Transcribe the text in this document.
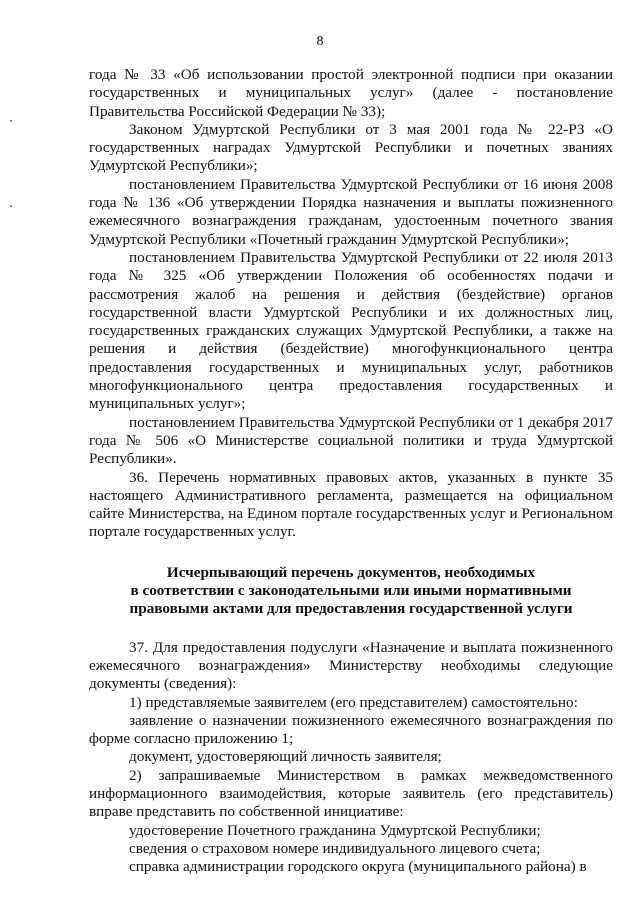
8

года № 33 «Об использовании простой электронной подписи при оказании государственных и муниципальных услуг» (далее - постановление Правительства Российской Федерации № 33);

Законом Удмуртской Республики от 3 мая 2001 года № 22-РЗ «О государственных наградах Удмуртской Республики и почетных званиях Удмуртской Республики»;

постановлением Правительства Удмуртской Республики от 16 июня 2008 года № 136 «Об утверждении Порядка назначения и выплаты пожизненного ежемесячного вознаграждения гражданам, удостоенным почетного звания Удмуртской Республики «Почетный гражданин Удмуртской Республики»;

постановлением Правительства Удмуртской Республики от 22 июля 2013 года № 325 «Об утверждении Положения об особенностях подачи и рассмотрения жалоб на решения и действия (бездействие) органов государственной власти Удмуртской Республики и их должностных лиц, государственных гражданских служащих Удмуртской Республики, а также на решения и действия (бездействие) многофункционального центра предоставления государственных и муниципальных услуг, работников многофункционального центра предоставления государственных и муниципальных услуг»;

постановлением Правительства Удмуртской Республики от 1 декабря 2017 года № 506 «О Министерстве социальной политики и труда Удмуртской Республики».

36. Перечень нормативных правовых актов, указанных в пункте 35 настоящего Административного регламента, размещается на официальном сайте Министерства, на Едином портале государственных услуг и Региональном портале государственных услуг.

Исчерпывающий перечень документов, необходимых
в соответствии с законодательными или иными нормативными
правовыми актами для предоставления государственной услуги

37. Для предоставления подуслуги «Назначение и выплата пожизненного ежемесячного вознаграждения» Министерству необходимы следующие документы (сведения):

1) представляемые заявителем (его представителем) самостоятельно:

заявление о назначении пожизненного ежемесячного вознаграждения по форме согласно приложению 1;

документ, удостоверяющий личность заявителя;

2) запрашиваемые Министерством в рамках межведомственного информационного взаимодействия, которые заявитель (его представитель) вправе представить по собственной инициативе:

удостоверение Почетного гражданина Удмуртской Республики;

сведения о страховом номере индивидуального лицевого счета;

справка администрации городского округа (муниципального района) в
